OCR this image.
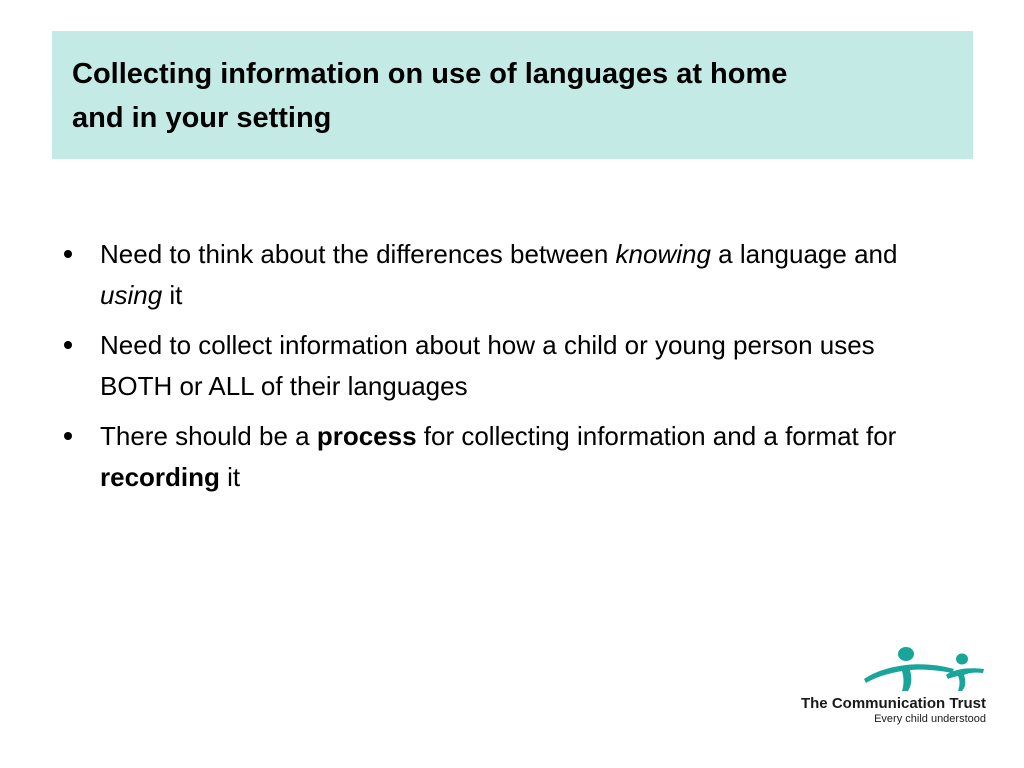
Collecting information on use of languages at home
and in your setting
Need to think about the differences between knowing a language and using it
Need to collect information about how a child or young person uses BOTH or ALL of their languages
There should be a process for collecting information and a format for recording it
The Communication Trust
Every child understood
